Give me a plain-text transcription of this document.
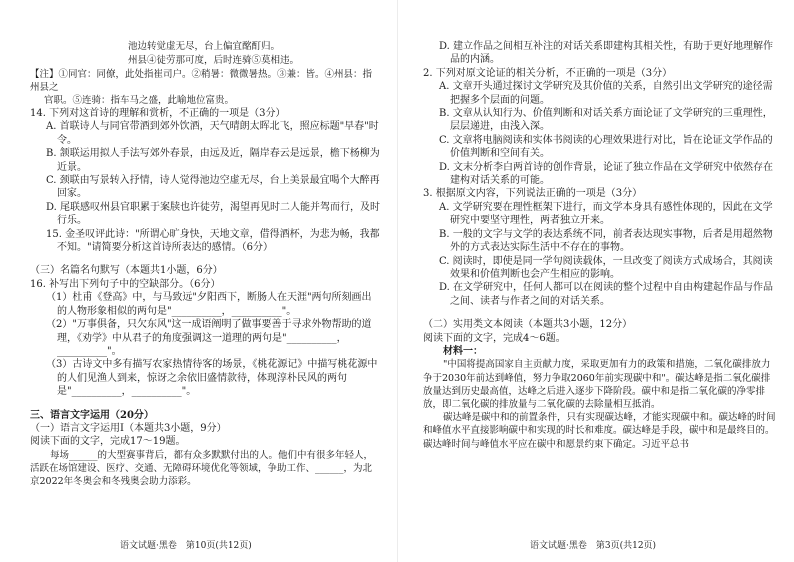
池边转觉虚无尽，台上偏宜酩酊归。

州县④徒劳那可度，后时连骑⑤莫相违。

【注】①同官：同僚，此处指崔司户。②稍暑：微微暑热。③兼：皆。④州县：指州县之

官职。⑤连骑：指车马之盛，此喻地位富贵。

14. 下列对这首诗的理解和赏析，不正确的一项是（3分）

A. 首联诗人与同官带酒到郊外饮酒，天气晴朗太晖北飞，照应标题"早春"时令。

B. 颔联运用拟人手法写郊外春景，由远及近，隔岸春云是远景，檐下杨柳为近景。

C. 颈联由写景转入抒情，诗人觉得池边空虚无尽，台上美景最宜喝个大醉再回家。

D. 尾联感叹州县官职累于案牍也许徒劳，渴望再见时二人能并驾而行，及时行乐。

15. 金圣叹评此诗："所谓心旷身快，天地文章，借得酒杯，为悲为畅，我都不知。"请简要分析这首诗所表达的感情。（6分）

（三）名篇名句默写（本题共1小题，6分）

16. 补写出下列句子中的空缺部分。（6分）

（1）杜甫《登高》中，与马致远"夕阳西下，断肠人在天涯"两句所刻画出的人物形象相似的两句是"__________，__________"。

（2）"万事俱备，只欠东风"这一成语阐明了做事要善于寻求外物帮助的道理，《劝学》中从君子的角度强调这一道理的两句是"__________，__________"。

（3）古诗文中多有描写农家热情待客的场景，《桃花源记》中描写桃花源中的人们见渔人到来，惊讶之余依旧盛情款待，体现淳朴民风的两句是"__________，__________"。

三、语言文字运用（20分）

（一）语言文字运用Ⅰ（本题共3小题，9分）

阅读下面的文字，完成17～19题。

每场______的大型赛事背后，都有众多默默付出的人。他们中有很多年轻人，活跃在场馆建设、医疗、交通、无障碍环境优化等领域，争助工作、______，为北京2022年冬奥会和冬残奥会助力添彩。

D. 建立作品之间相互补注的对话关系即建构其相关性，有助于更好地理解作品的内涵。

2. 下列对原文论证的相关分析，不正确的一项是（3分）

A. 文章开头通过探讨文学研究及其价值的关系，自然引出文学研究的途径需把握多个层面的问题。

B. 文章从认知行为、价值判断和对话关系方面论证了文学研究的三重理性，层层递进，由浅入深。

C. 文章将电脑阅读和实体书阅读的心理效果进行对比，旨在论证文学作品的价值判断和空间有关。

D. 文末分析李白两首诗的创作背景，论证了独立作品在文学研究中依然存在建构对话关系的可能。

3. 根据原文内容，下列说法正确的一项是（3分）

A. 文学研究要在理性框架下进行，而文学本身具有感性体现的，因此在文学研究中要坚守理性，两者独立开来。

B. 一般的文字与文学的表达系统不同，前者表达现实事物，后者是用超然物外的方式表达实际生活中不存在的事物。

C. 阅读时，即使是同一学句阅读载体，一旦改变了阅读方式成场合，其阅读效果和价值判断也会产生相应的影响。

D. 在文学研究中，任何人都可以在阅读的整个过程中自由构建起作品与作品之间、读者与作者之间的对话关系。

（二）实用类文本阅读（本题共3小题，12分）

阅读下面的文字，完成4～6题。

材料一：

"中国将提高国家自主贡献力度，采取更加有力的政策和措施，二氧化碳排放力争于2030年前达到峰值，努力争取2060年前实现碳中和"。碳达峰是指二氧化碳排放量达到历史最高值，达峰之后进入逐步下降阶段。碳中和是指二氧化碳的净零排放，即二氧化碳的排放量与二氧化碳的去除量相互抵消。

碳达峰是碳中和的前置条件，只有实现碳达峰，才能实现碳中和。碳达峰的时间和峰值水平直接影响碳中和实现的时长和难度。碳达峰是手段，碳中和是最终目的。碳达峰时间与峰值水平应在碳中和愿景约束下确定。习近平总书

语文试题·黑卷　第10页(共12页)	语文试题·黑卷　第3页(共12页)
